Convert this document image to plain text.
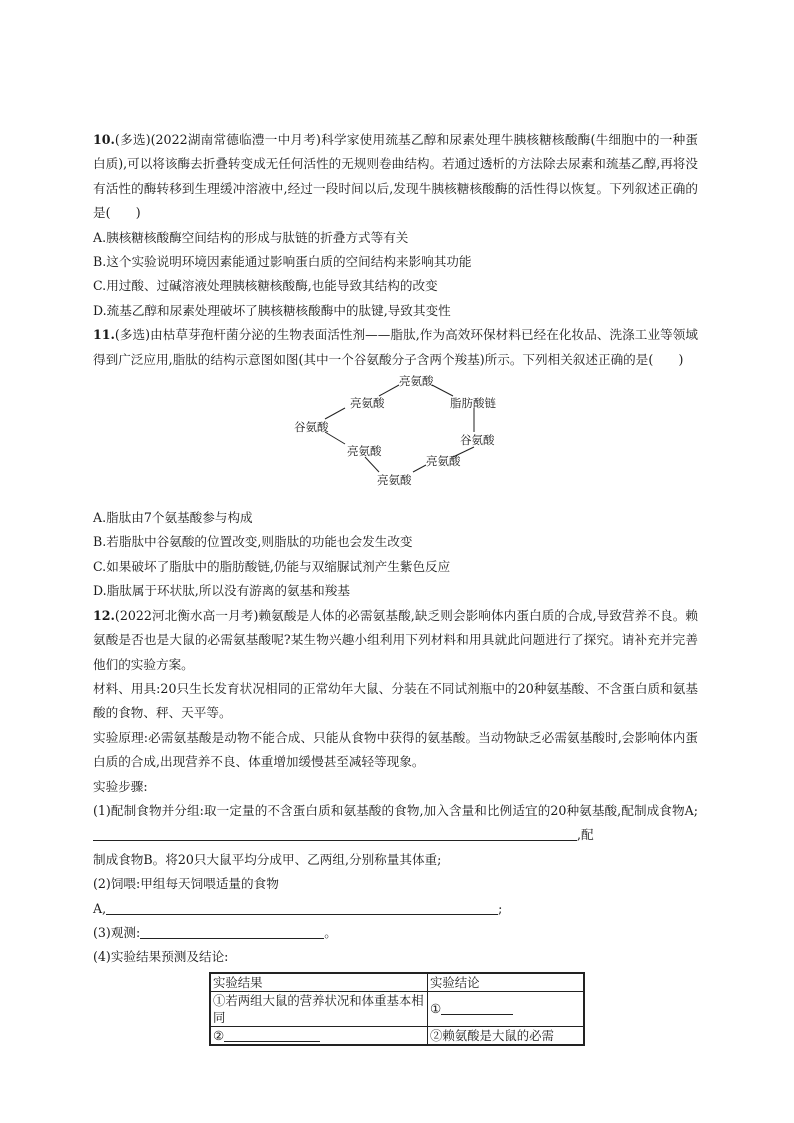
10.(多选)(2022湖南常德临澧一中月考)科学家使用巯基乙醇和尿素处理牛胰核糖核酸酶(牛细胞中的一种蛋白质),可以将该酶去折叠转变成无任何活性的无规则卷曲结构。若通过透析的方法除去尿素和巯基乙醇,再将没有活性的酶转移到生理缓冲溶液中,经过一段时间以后,发现牛胰核糖核酸酶的活性得以恢复。下列叙述正确的是(　　)

A.胰核糖核酸酶空间结构的形成与肽链的折叠方式等有关

B.这个实验说明环境因素能通过影响蛋白质的空间结构来影响其功能

C.用过酸、过碱溶液处理胰核糖核酸酶,也能导致其结构的改变

D.巯基乙醇和尿素处理破坏了胰核糖核酸酶中的肽键,导致其变性

11.(多选)由枯草芽孢杆菌分泌的生物表面活性剂——脂肽,作为高效环保材料已经在化妆品、洗涤工业等领域得到广泛应用,脂肽的结构示意图如图(其中一个谷氨酸分子含两个羧基)所示。下列相关叙述正确的是(　　)

亮氨酸
亮氨酸	脂肪酸链
谷氨酸
谷氨酸
亮氨酸
亮氨酸
亮氨酸

A.脂肽由7个氨基酸参与构成

B.若脂肽中谷氨酸的位置改变,则脂肽的功能也会发生改变

C.如果破坏了脂肽中的脂肪酸链,仍能与双缩脲试剂产生紫色反应

D.脂肽属于环状肽,所以没有游离的氨基和羧基

12.(2022河北衡水高一月考)赖氨酸是人体的必需氨基酸,缺乏则会影响体内蛋白质的合成,导致营养不良。赖氨酸是否也是大鼠的必需氨基酸呢?某生物兴趣小组利用下列材料和用具就此问题进行了探究。请补充并完善他们的实验方案。

材料、用具:20只生长发育状况相同的正常幼年大鼠、分装在不同试剂瓶中的20种氨基酸、不含蛋白质和氨基酸的食物、秤、天平等。

实验原理:必需氨基酸是动物不能合成、只能从食物中获得的氨基酸。当动物缺乏必需氨基酸时,会影响体内蛋白质的合成,出现营养不良、体重增加缓慢甚至减轻等现象。

实验步骤:

(1)配制食物并分组:取一定量的不含蛋白质和氨基酸的食物,加入含量和比例适宜的20种氨基酸,配制成食物A;,配
制成食物B。将20只大鼠平均分成甲、乙两组,分别称量其体重;

(2)饲喂:甲组每天饲喂适量的食物

A,	;

(3)观测:	。

(4)实验结果预测及结论:

实验结果	实验结论
①若两组大鼠的营养状况和体重基本相同	①
②	②赖氨酸是大鼠的必需
